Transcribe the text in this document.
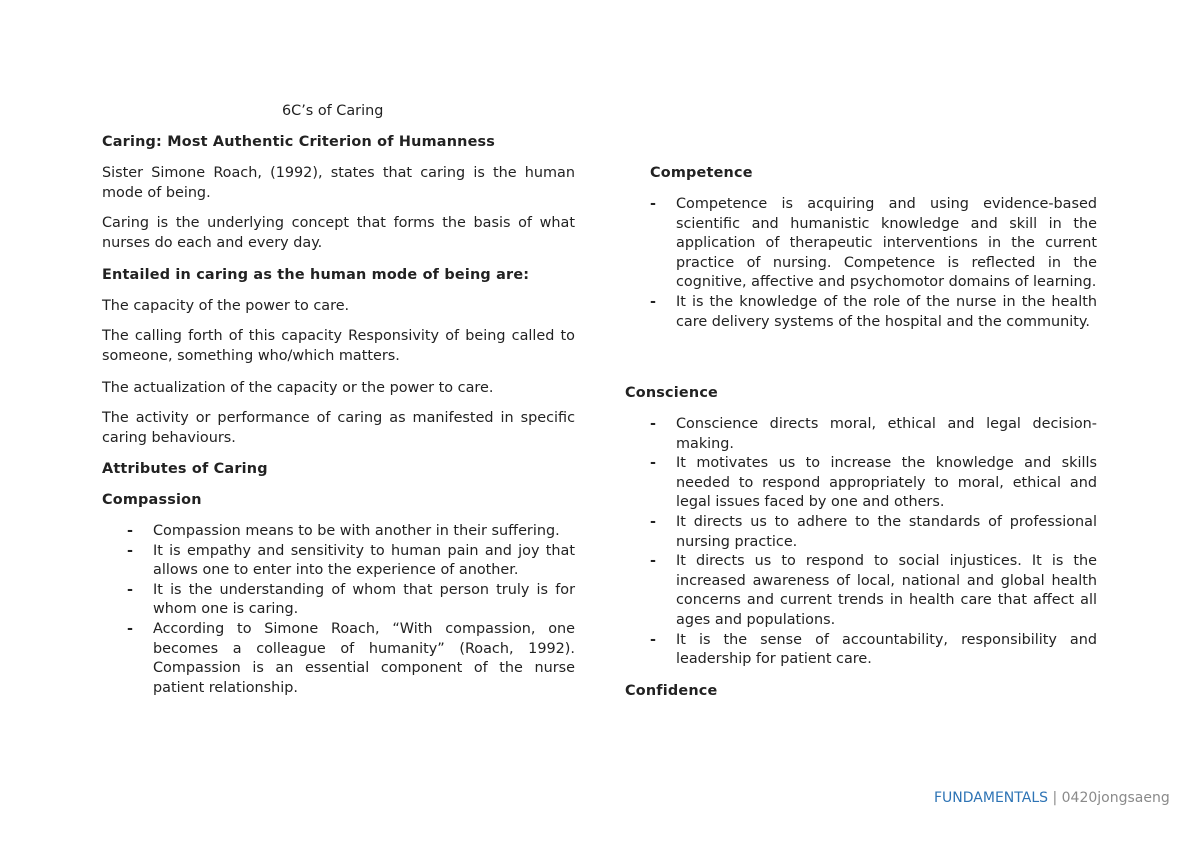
6C’s of Caring
Caring: Most Authentic Criterion of Humanness

Sister Simone Roach, (1992), states that caring is the human mode of being.

Caring is the underlying concept that forms the basis of what nurses do each and every day.

Entailed in caring as the human mode of being are:

The capacity of the power to care.

The calling forth of this capacity Responsivity of being called to someone, something who/which matters.

The actualization of the capacity or the power to care.

The activity or performance of caring as manifested in specific caring behaviours.

Attributes of Caring
Compassion
- Compassion means to be with another in their suffering.
- It is empathy and sensitivity to human pain and joy that allows one to enter into the experience of another.
- It is the understanding of whom that person truly is for whom one is caring.
- According to Simone Roach, “With compassion, one becomes a colleague of humanity” (Roach, 1992). Compassion is an essential component of the nurse patient relationship.
Competence
- Competence is acquiring and using evidence-based scientific and humanistic knowledge and skill in the application of therapeutic interventions in the current practice of nursing. Competence is reflected in the cognitive, affective and psychomotor domains of learning.
- It is the knowledge of the role of the nurse in the health care delivery systems of the hospital and the community.
Conscience
- Conscience directs moral, ethical and legal decision-making.
- It motivates us to increase the knowledge and skills needed to respond appropriately to moral, ethical and legal issues faced by one and others.
- It directs us to adhere to the standards of professional nursing practice.
- It directs us to respond to social injustices. It is the increased awareness of local, national and global health concerns and current trends in health care that affect all ages and populations.
- It is the sense of accountability, responsibility and leadership for patient care.
Confidence
FUNDAMENTALS | 0420jongsaeng
